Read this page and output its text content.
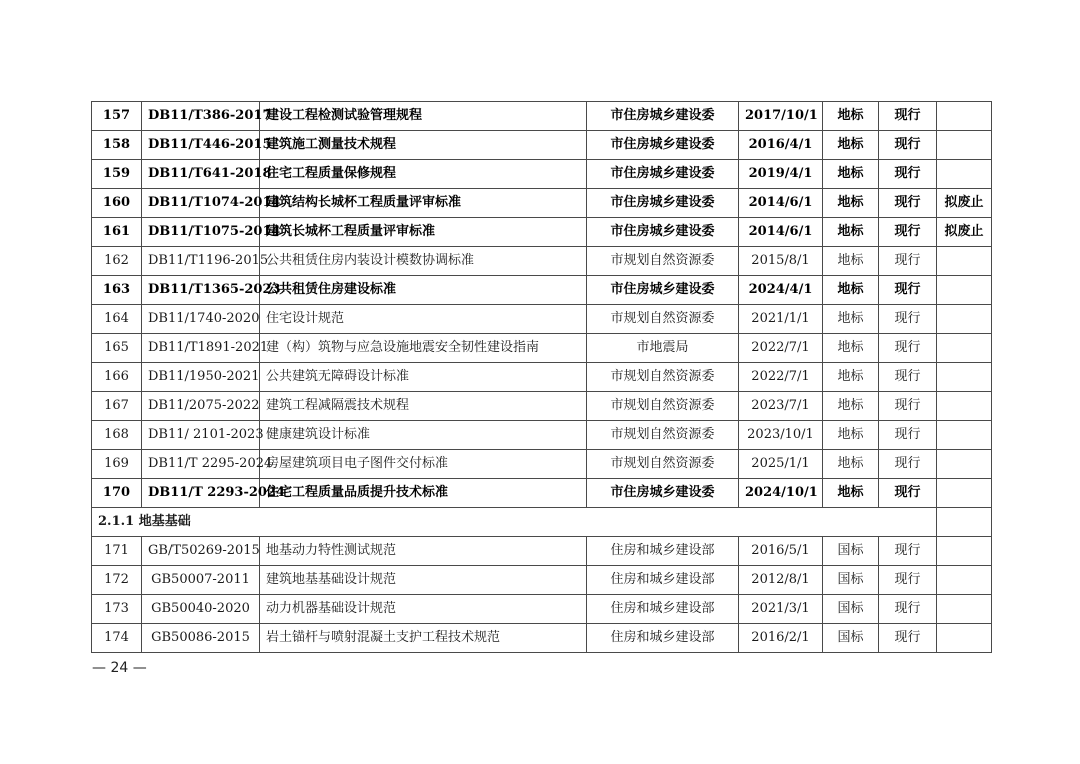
157	DB11/T386-2017	建设工程检测试验管理规程	市住房城乡建设委	2017/10/1	地标	现行	
158	DB11/T446-2015	建筑施工测量技术规程	市住房城乡建设委	2016/4/1	地标	现行	
159	DB11/T641-2018	住宅工程质量保修规程	市住房城乡建设委	2019/4/1	地标	现行	
160	DB11/T1074-2014	建筑结构长城杯工程质量评审标准	市住房城乡建设委	2014/6/1	地标	现行	拟废止
161	DB11/T1075-2014	建筑长城杯工程质量评审标准	市住房城乡建设委	2014/6/1	地标	现行	拟废止
162	DB11/T1196-2015	公共租赁住房内装设计模数协调标准	市规划自然资源委	2015/8/1	地标	现行	
163	DB11/T1365-2023	公共租赁住房建设标准	市住房城乡建设委	2024/4/1	地标	现行	
164	DB11/1740-2020	住宅设计规范	市规划自然资源委	2021/1/1	地标	现行	
165	DB11/T1891-2021	建（构）筑物与应急设施地震安全韧性建设指南	市地震局	2022/7/1	地标	现行	
166	DB11/1950-2021	公共建筑无障碍设计标准	市规划自然资源委	2022/7/1	地标	现行	
167	DB11/2075-2022	建筑工程减隔震技术规程	市规划自然资源委	2023/7/1	地标	现行	
168	DB11/ 2101-2023	健康建筑设计标准	市规划自然资源委	2023/10/1	地标	现行	
169	DB11/T 2295-2024	房屋建筑项目电子图件交付标准	市规划自然资源委	2025/1/1	地标	现行	
170	DB11/T 2293-2024	住宅工程质量品质提升技术标准	市住房城乡建设委	2024/10/1	地标	现行	
2.1.1 地基基础							
171	GB/T50269-2015	地基动力特性测试规范	住房和城乡建设部	2016/5/1	国标	现行	
172	GB50007-2011	建筑地基基础设计规范	住房和城乡建设部	2012/8/1	国标	现行	
173	GB50040-2020	动力机器基础设计规范	住房和城乡建设部	2021/3/1	国标	现行	
174	GB50086-2015	岩土锚杆与喷射混凝土支护工程技术规范	住房和城乡建设部	2016/2/1	国标	现行	
— 24 —
